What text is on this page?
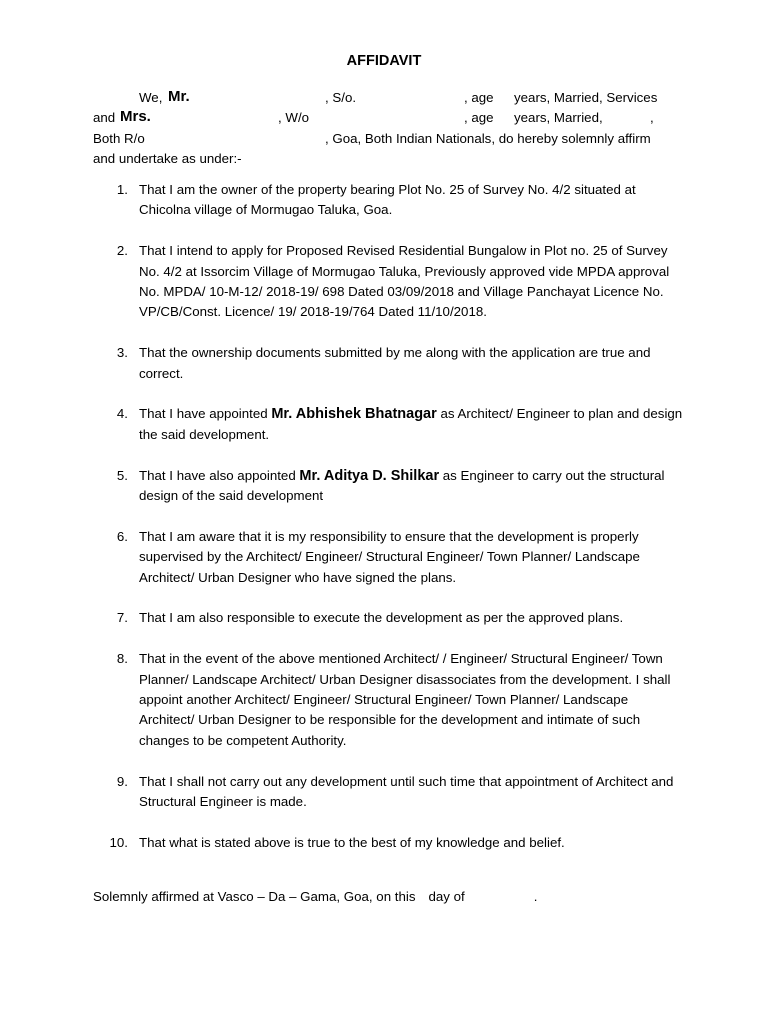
AFFIDAVIT
We, Mr.	, S/o.	, age years, Married, Services
and Mrs.	, W/o	, age years, Married,	,
Both R/o	, Goa, Both Indian Nationals, do hereby solemnly affirm
and undertake as under:-
1. That I am the owner of the property bearing Plot No. 25 of Survey No. 4/2 situated at Chicolna village of Mormugao Taluka, Goa.
2. That I intend to apply for Proposed Revised Residential Bungalow in Plot no. 25 of Survey No. 4/2 at Issorcim Village of Mormugao Taluka, Previously approved vide MPDA approval No. MPDA/ 10-M-12/ 2018-19/ 698 Dated 03/09/2018 and Village Panchayat Licence No. VP/CB/Const. Licence/ 19/ 2018-19/764 Dated 11/10/2018.
3. That the ownership documents submitted by me along with the application are true and correct.
4. That I have appointed Mr. Abhishek Bhatnagar as Architect/ Engineer to plan and design the said development.
5. That I have also appointed Mr. Aditya D. Shilkar as Engineer to carry out the structural design of the said development
6. That I am aware that it is my responsibility to ensure that the development is properly supervised by the Architect/ Engineer/ Structural Engineer/ Town Planner/ Landscape Architect/ Urban Designer who have signed the plans.
7. That I am also responsible to execute the development as per the approved plans.
8. That in the event of the above mentioned Architect/ / Engineer/ Structural Engineer/ Town Planner/ Landscape Architect/ Urban Designer disassociates from the development. I shall appoint another Architect/ Engineer/ Structural Engineer/ Town Planner/ Landscape Architect/ Urban Designer to be responsible for the development and intimate of such changes to be competent Authority.
9. That I shall not carry out any development until such time that appointment of Architect and Structural Engineer is made.
10. That what is stated above is true to the best of my knowledge and belief.
Solemnly affirmed at Vasco – Da – Gama, Goa, on this day of	.
